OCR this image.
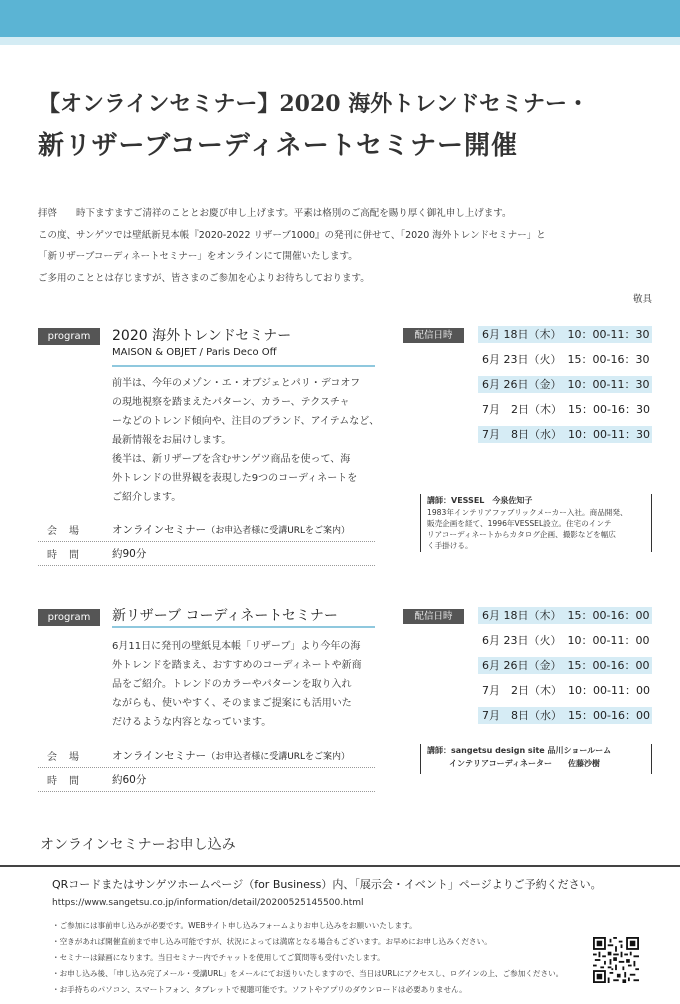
【オンラインセミナー】2020 海外トレンドセミナー・
新リザーブコーディネートセミナー開催

拝啓　　時下ますますご清祥のこととお慶び申し上げます。平素は格別のご高配を賜り厚く御礼申し上げます。

この度、サンゲツでは壁紙新見本帳『2020-2022 リザーブ1000』の発刊に併せて、「2020 海外トレンドセミナー」と

「新リザーブコーディネートセミナー」をオンラインにて開催いたします。

ご多用のこととは存じますが、皆さまのご参加を心よりお待ちしております。

敬具

program	2020 海外トレンドセミナー
MAISON & OBJET / Paris Deco Off

前半は、今年のメゾン・エ・オブジェとパリ・デコオフ

の現地視察を踏まえたパターン、カラー、テクスチャ

ーなどのトレンド傾向や、注目のブランド、アイテムなど、

最新情報をお届けします。

後半は、新リザーブを含むサンゲツ商品を使って、海

外トレンドの世界観を表現した9つのコーディネートを

ご紹介します。

会場	オンラインセミナー（お申込者様に受講URLをご案内）
時間	約90分
配信日時	6月 18日（木） 10：00-11：30
6月 23日（火） 15：00-16：30
6月 26日（金） 10：00-11：30
7月　2日（木） 15：00-16：30
7月　8日（水） 10：00-11：30

講師：VESSEL　今泉佐知子

1983年インテリアファブリックメーカー入社。商品開発、

販売企画を経て、1996年VESSEL設立。住宅のインテ

リアコーディネートからカタログ企画、撮影などを幅広

く手掛ける。

program	新リザーブ コーディネートセミナー

6月11日に発刊の壁紙見本帳「リザーブ」より今年の海

外トレンドを踏まえ、おすすめのコーディネートや新商

品をご紹介。トレンドのカラーやパターンを取り入れ

ながらも、使いやすく、そのままご提案にも活用いた

だけるような内容となっています。

会場	オンラインセミナー（お申込者様に受講URLをご案内）
時間	約60分
配信日時	6月 18日（木） 15：00-16：00
6月 23日（火） 10：00-11：00
6月 26日（金） 15：00-16：00
7月　2日（木） 10：00-11：00
7月　8日（水） 15：00-16：00

講師：sangetsu design site 品川ショールーム

インテリアコーディネーター　　佐藤沙樹

オンラインセミナーお申し込み
QRコードまたはサンゲツホームページ（for Business）内、「展示会・イベント」ページよりご予約ください。
https://www.sangetsu.co.jp/information/detail/20200525145500.html

・ご参加には事前申し込みが必要です。WEBサイト申し込みフォームよりお申し込みをお願いいたします。

・空きがあれば開催直前まで申し込み可能ですが、状況によっては満席となる場合もございます。お早めにお申し込みください。

・セミナーは録画になります。当日セミナー内でチャットを使用してご質問等も受付いたします。

・お申し込み後、「申し込み完了メール・受講URL」をメールにてお送りいたしますので、当日はURLにアクセスし、ログインの上、ご参加ください。

・お手持ちのパソコン、スマートフォン、タブレットで視聴可能です。ソフトやアプリのダウンロードは必要ありません。
